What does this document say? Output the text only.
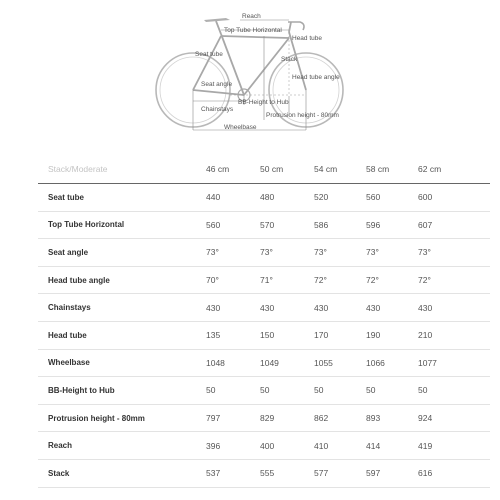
Reach
Top Tube Horizontal
Head tube
Seat tube
Stack
Head tube angle
Seat angle
BB-Height to Hub
Chainstays
Protrusion height - 80mm
Wheelbase
Stack/Moderate	46 cm	50 cm	54 cm	58 cm	62 cm
Seat tube	440	480	520	560	600
Top Tube Horizontal	560	570	586	596	607
Seat angle	73°	73°	73°	73°	73°
Head tube angle	70°	71°	72°	72°	72°
Chainstays	430	430	430	430	430
Head tube	135	150	170	190	210
Wheelbase	1048	1049	1055	1066	1077
BB-Height to Hub	50	50	50	50	50
Protrusion height - 80mm	797	829	862	893	924
Reach	396	400	410	414	419
Stack	537	555	577	597	616
